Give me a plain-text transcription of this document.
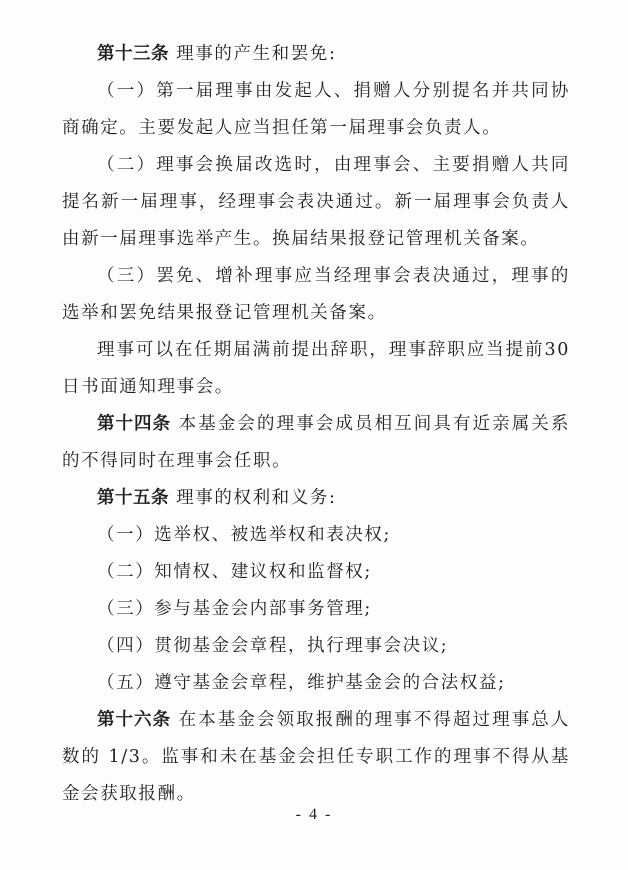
第十三条 理事的产生和罢免:

（一）第一届理事由发起人、捐赠人分别提名并共同协商确定。主要发起人应当担任第一届理事会负责人。

（二）理事会换届改选时，由理事会、主要捐赠人共同提名新一届理事，经理事会表决通过。新一届理事会负责人由新一届理事选举产生。换届结果报登记管理机关备案。

（三）罢免、增补理事应当经理事会表决通过，理事的选举和罢免结果报登记管理机关备案。

理事可以在任期届满前提出辞职，理事辞职应当提前30日书面通知理事会。

第十四条 本基金会的理事会成员相互间具有近亲属关系的不得同时在理事会任职。

第十五条 理事的权利和义务:

（一）选举权、被选举权和表决权;

（二）知情权、建议权和监督权;

（三）参与基金会内部事务管理;

（四）贯彻基金会章程，执行理事会决议;

（五）遵守基金会章程，维护基金会的合法权益;

第十六条 在本基金会领取报酬的理事不得超过理事总人数的 1/3。监事和未在基金会担任专职工作的理事不得从基金会获取报酬。

- 4 -
